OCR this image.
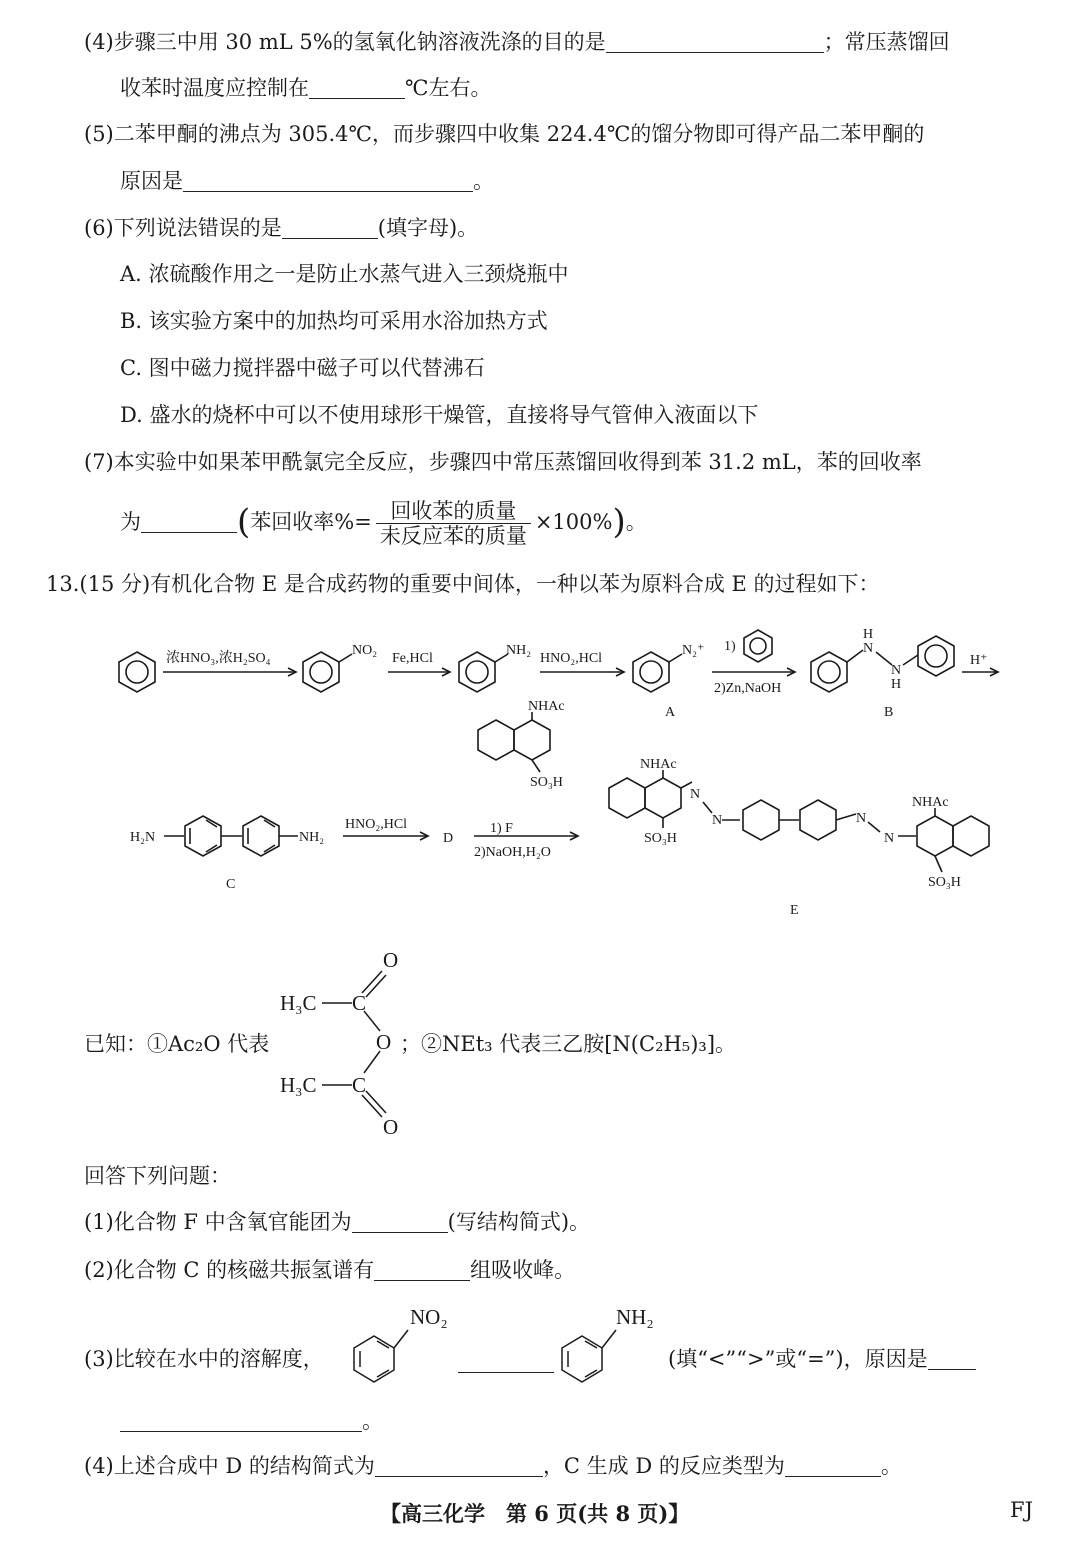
(4)步骤三中用 30 mL 5%的氢氧化钠溶液洗涤的目的是	；常压蒸馏回
收苯时温度应控制在	℃左右。
(5)二苯甲酮的沸点为 305.4℃，而步骤四中收集 224.4℃的馏分物即可得产品二苯甲酮的
原因是	。
(6)下列说法错误的是	(填字母)。
A. 浓硫酸作用之一是防止水蒸气进入三颈烧瓶中
B. 该实验方案中的加热均可采用水浴加热方式
C. 图中磁力搅拌器中磁子可以代替沸石
D. 盛水的烧杯中可以不使用球形干燥管，直接将导气管伸入液面以下
(7)本实验中如果苯甲酰氯完全反应，步骤四中常压蒸馏回收得到苯 31.2 mL，苯的回收率
为	(苯回收率%= $\frac{\text{回收苯的质量}}{\text{未反应苯的质量}} \times 100\%$)。
13.(15 分)有机化合物 E 是合成药物的重要中间体，一种以苯为原料合成 E 的过程如下：
浓HNO₃,浓H₂SO₄
NO₂
Fe,HCl
NH₂
HNO₂,HCl
N₂⁺ 1)
2)Zn,NaOH
A
H
N
N
H
B
H⁺
H₂N	NH₂
C
HNO₂,HCl
D
NHAc
SO₃H
1) F
2)NaOH,H₂O
NHAc
SO₃H
N
N	N
N
NHAc
SO₃H
E
已知：①Ac₂O 代表
O
H₃C C
O
H₃C C
O
；②NEt₃ 代表三乙胺[N(C₂H₅)₃]。
回答下列问题：
(1)化合物 F 中含氧官能团为	(写结构简式)。
(2)化合物 C 的核磁共振氢谱有	组吸收峰。
(3)比较在水中的溶解度，
NO₂	NH₂
(填“<”“>”或“=”)，原因是
。
(4)上述合成中 D 的结构简式为	，C 生成 D 的反应类型为	。
【高三化学　第 6 页(共 8 页)】	FJ
